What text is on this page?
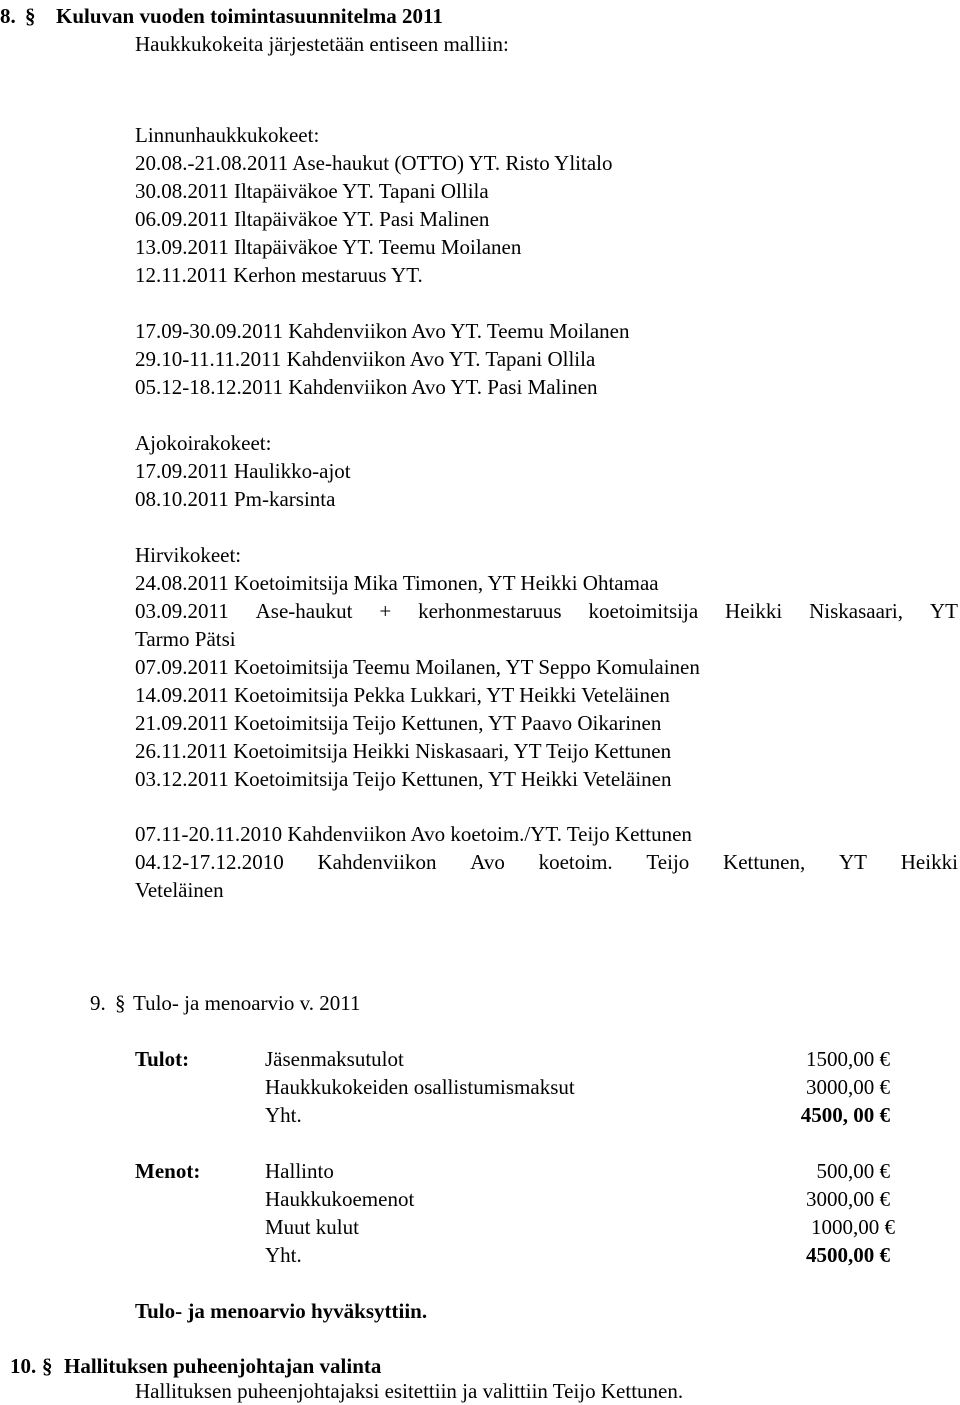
8. § Kuluvan vuoden toimintasuunnitelma 2011
Haukkukokeita järjestetään entiseen malliin:
Linnunhaukkukokeet:
20.08.-21.08.2011 Ase-haukut (OTTO) YT. Risto Ylitalo
30.08.2011 Iltapäiväkoe YT. Tapani Ollila
06.09.2011 Iltapäiväkoe YT. Pasi Malinen
13.09.2011 Iltapäiväkoe YT. Teemu Moilanen
12.11.2011 Kerhon mestaruus YT.
17.09-30.09.2011 Kahdenviikon Avo YT. Teemu Moilanen
29.10-11.11.2011 Kahdenviikon Avo YT. Tapani Ollila
05.12-18.12.2011 Kahdenviikon Avo YT. Pasi Malinen
Ajokoirakokeet:
17.09.2011 Haulikko-ajot
08.10.2011 Pm-karsinta
Hirvikokeet:
24.08.2011 Koetoimitsija Mika Timonen, YT Heikki Ohtamaa
03.09.2011 Ase-haukut + kerhonmestaruus koetoimitsija Heikki Niskasaari, YT
Tarmo Pätsi
07.09.2011 Koetoimitsija Teemu Moilanen, YT Seppo Komulainen
14.09.2011 Koetoimitsija Pekka Lukkari, YT Heikki Veteläinen
21.09.2011 Koetoimitsija Teijo Kettunen, YT Paavo Oikarinen
26.11.2011 Koetoimitsija Heikki Niskasaari, YT Teijo Kettunen
03.12.2011 Koetoimitsija Teijo Kettunen, YT Heikki Veteläinen
07.11-20.11.2010 Kahdenviikon Avo koetoim./YT. Teijo Kettunen
04.12-17.12.2010 Kahdenviikon Avo koetoim. Teijo Kettunen, YT Heikki
Veteläinen
9. § Tulo- ja menoarvio v. 2011
Tulot:	Jäsenmaksutulot	1500,00 €
Haukkukokeiden osallistumismaksut	3000,00 €
Yht.	4500, 00 €
Menot:	Hallinto	500,00 €
Haukkukoemenot	3000,00 €
Muut kulut	1000,00 €
Yht.	4500,00 €
Tulo- ja menoarvio hyväksyttiin.
10. § Hallituksen puheenjohtajan valinta
Hallituksen puheenjohtajaksi esitettiin ja valittiin Teijo Kettunen.
